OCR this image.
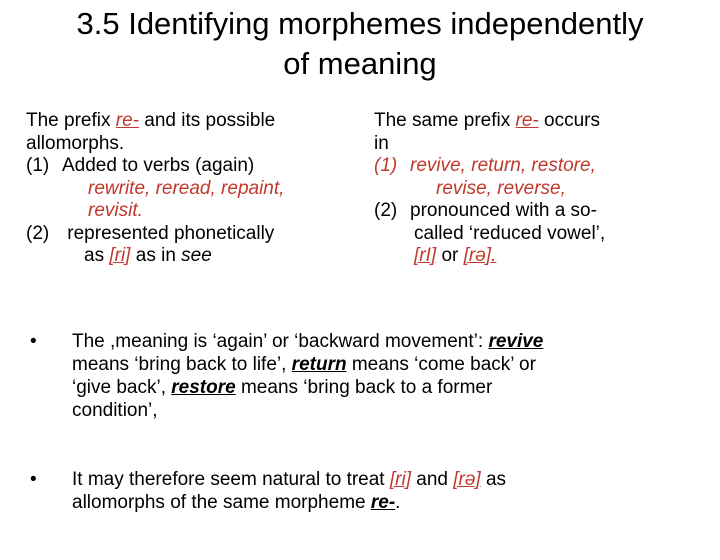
3.5 Identifying morphemes independently
of meaning
The prefix re- and its possible
allomorphs.
(1) Added to verbs (again)
rewrite, reread, repaint,
revisit.
(2) represented phonetically
as [ri] as in see
The same prefix re- occurs
in
(1) revive, return, restore,
revise, reverse,
(2) pronounced with a so-
called ‘reduced vowel’,
[rI] or [rə].
• The ,meaning is ‘again’ or ‘backward movement’: revive
means ‘bring back to life’, return means ‘come back’ or
‘give back’, restore means ‘bring back to a former
condition’,
• It may therefore seem natural to treat [ri] and [rə] as
allomorphs of the same morpheme re-.
